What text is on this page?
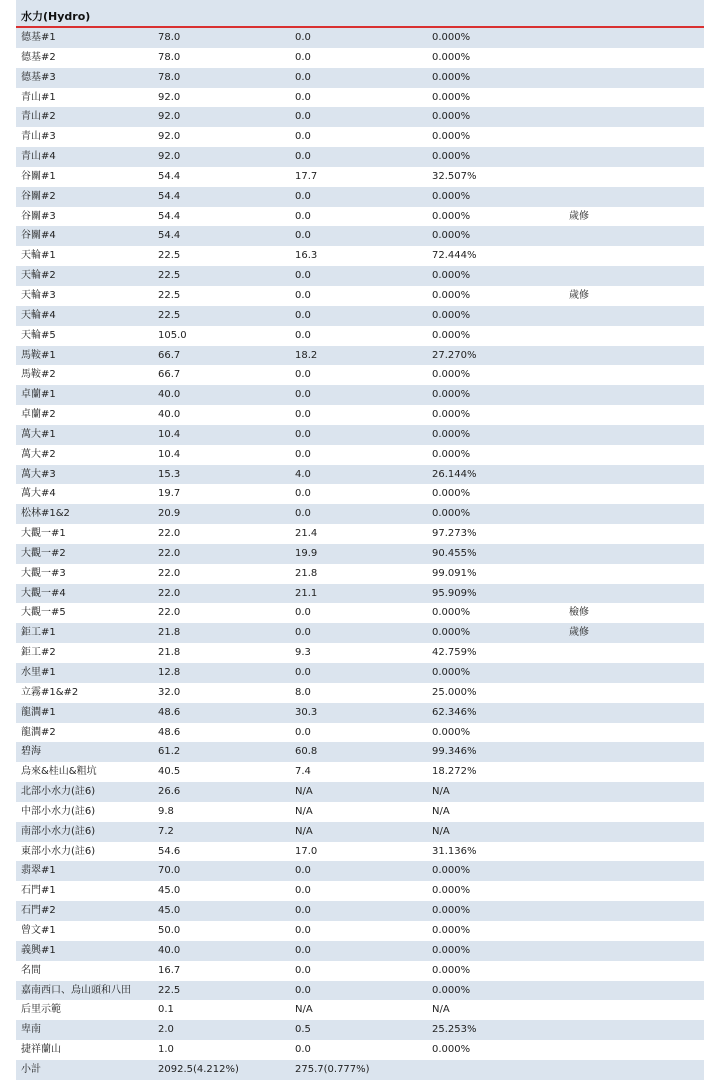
水力(Hydro)
德基#1	78.0	0.0	0.000%	
德基#2	78.0	0.0	0.000%	
德基#3	78.0	0.0	0.000%	
青山#1	92.0	0.0	0.000%	
青山#2	92.0	0.0	0.000%	
青山#3	92.0	0.0	0.000%	
青山#4	92.0	0.0	0.000%	
谷關#1	54.4	17.7	32.507%	
谷關#2	54.4	0.0	0.000%	
谷關#3	54.4	0.0	0.000%	歲修
谷關#4	54.4	0.0	0.000%	
天輪#1	22.5	16.3	72.444%	
天輪#2	22.5	0.0	0.000%	
天輪#3	22.5	0.0	0.000%	歲修
天輪#4	22.5	0.0	0.000%	
天輪#5	105.0	0.0	0.000%	
馬鞍#1	66.7	18.2	27.270%	
馬鞍#2	66.7	0.0	0.000%	
卓蘭#1	40.0	0.0	0.000%	
卓蘭#2	40.0	0.0	0.000%	
萬大#1	10.4	0.0	0.000%	
萬大#2	10.4	0.0	0.000%	
萬大#3	15.3	4.0	26.144%	
萬大#4	19.7	0.0	0.000%	
松林#1&2	20.9	0.0	0.000%	
大觀一#1	22.0	21.4	97.273%	
大觀一#2	22.0	19.9	90.455%	
大觀一#3	22.0	21.8	99.091%	
大觀一#4	22.0	21.1	95.909%	
大觀一#5	22.0	0.0	0.000%	檢修
鉅工#1	21.8	0.0	0.000%	歲修
鉅工#2	21.8	9.3	42.759%	
水里#1	12.8	0.0	0.000%	
立霧#1&#2	32.0	8.0	25.000%	
龍澗#1	48.6	30.3	62.346%	
龍澗#2	48.6	0.0	0.000%	
碧海	61.2	60.8	99.346%	
烏來&桂山&粗坑	40.5	7.4	18.272%	
北部小水力(註6)	26.6	N/A	N/A	
中部小水力(註6)	9.8	N/A	N/A	
南部小水力(註6)	7.2	N/A	N/A	
東部小水力(註6)	54.6	17.0	31.136%	
翡翠#1	70.0	0.0	0.000%	
石門#1	45.0	0.0	0.000%	
石門#2	45.0	0.0	0.000%	
曾文#1	50.0	0.0	0.000%	
義興#1	40.0	0.0	0.000%	
名間	16.7	0.0	0.000%	
嘉南西口、烏山頭和八田	22.5	0.0	0.000%	
后里示範	0.1	N/A	N/A	
卑南	2.0	0.5	25.253%	
捷祥蘭山	1.0	0.0	0.000%	
小計	2092.5(4.212%)	275.7(0.777%)		
